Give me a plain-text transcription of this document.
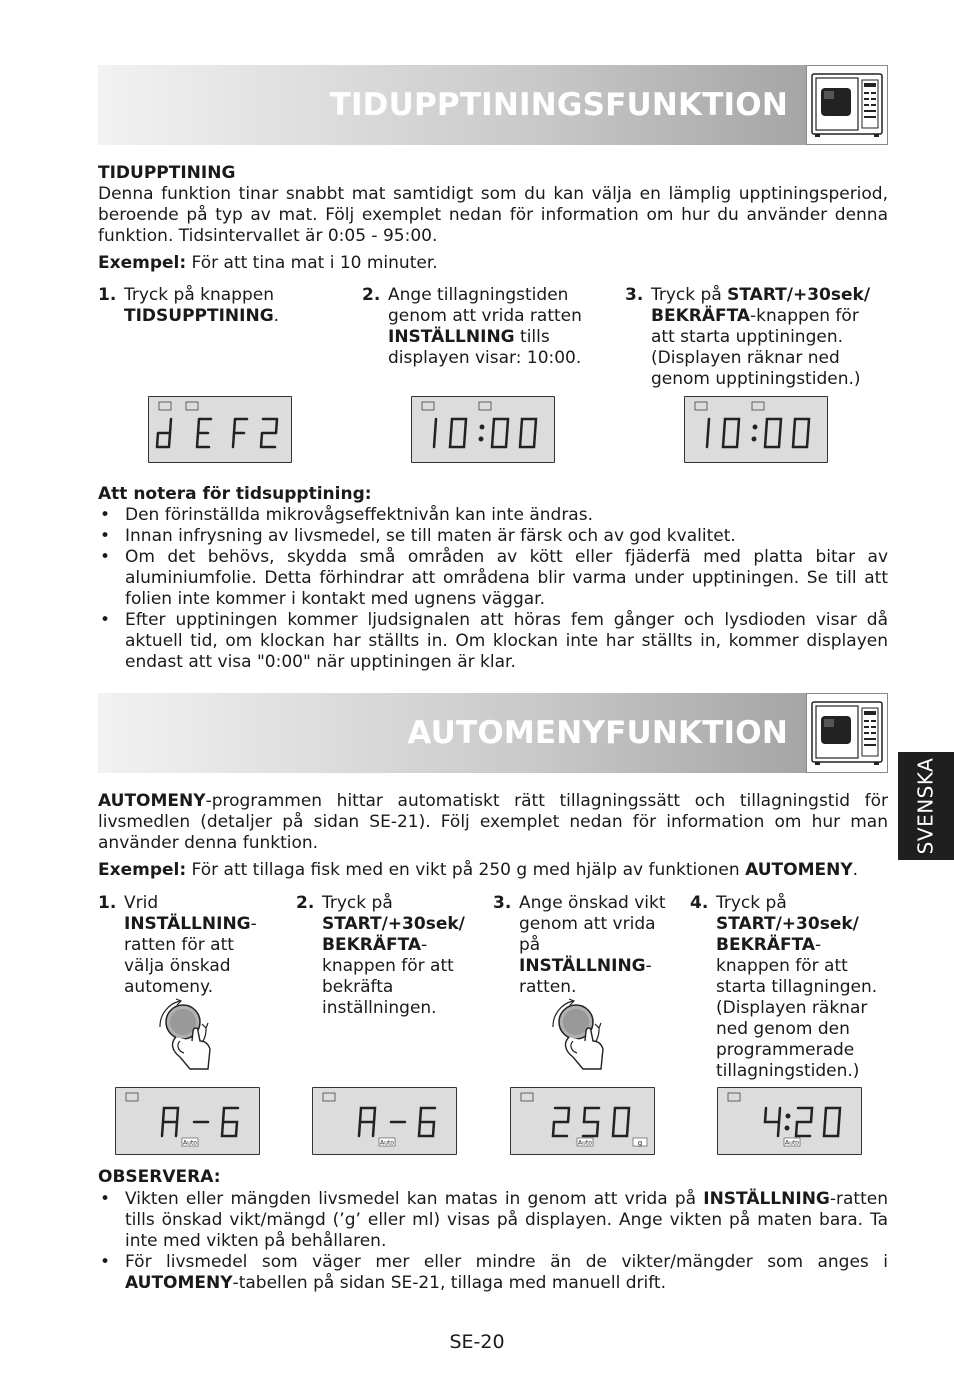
TIDUPPTININGSFUNKTION
TIDUPPTINING

Denna funktion tinar snabbt mat samtidigt som du kan välja en lämplig upptiningsperiod, beroende på typ av mat. Följ exemplet nedan för information om hur du använder denna funktion. Tidsintervallet är 0:05 - 95:00.

Exempel: För att tina mat i 10 minuter.
1. Tryck på knappen TIDSUPPTINING.
2. Ange tillagningstiden genom att vrida ratten INSTÄLLNING tills displayen visar: 10:00.
3. Tryck på START/+30sek/ BEKRÄFTA-knappen för att starta upptiningen. (Displayen räknar ned genom upptiningstiden.)
Att notera för tidsupptining:
• Den förinställda mikrovågseffektnivån kan inte ändras.
• Innan infrysning av livsmedel, se till maten är färsk och av god kvalitet.
• Om det behövs, skydda små områden av kött eller fjäderfä med platta bitar av aluminiumfolie. Detta förhindrar att områdena blir varma under upptiningen. Se till att folien inte kommer i kontakt med ugnens väggar.
• Efter upptiningen kommer ljudsignalen att höras fem gånger och lysdioden visar då aktuell tid, om klockan har ställts in. Om klockan inte har ställts in, kommer displayen endast att visa "0:00" när upptiningen är klar.
AUTOMENYFUNKTION
SVENSKA

AUTOMENY-programmen hittar automatiskt rätt tillagningssätt och tillagningstid för livsmedlen (detaljer på sidan SE-21). Följ exemplet nedan för information om hur man använder denna funktion.

Exempel: För att tillaga fisk med en vikt på 250 g med hjälp av funktionen AUTOMENY.
1. Vrid INSTÄLLNING-ratten för att välja önskad automeny.
2. Tryck på START/+30sek/ BEKRÄFTA-knappen för att bekräfta inställningen.
3. Ange önskad vikt genom att vrida på INSTÄLLNING-ratten.
4. Tryck på START/+30sek/ BEKRÄFTA-knappen för att starta tillagningen. (Displayen räknar ned genom den programmerade tillagningstiden.)
Auto	Auto	Auto	g	Auto
OBSERVERA:
• Vikten eller mängden livsmedel kan matas in genom att vrida på INSTÄLLNING-ratten tills önskad vikt/mängd (’g’ eller ml) visas på displayen. Ange vikten på maten bara. Ta inte med vikten på behållaren.
• För livsmedel som väger mer eller mindre än de vikter/mängder som anges i AUTOMENY-tabellen på sidan SE-21, tillaga med manuell drift.
SE-20
